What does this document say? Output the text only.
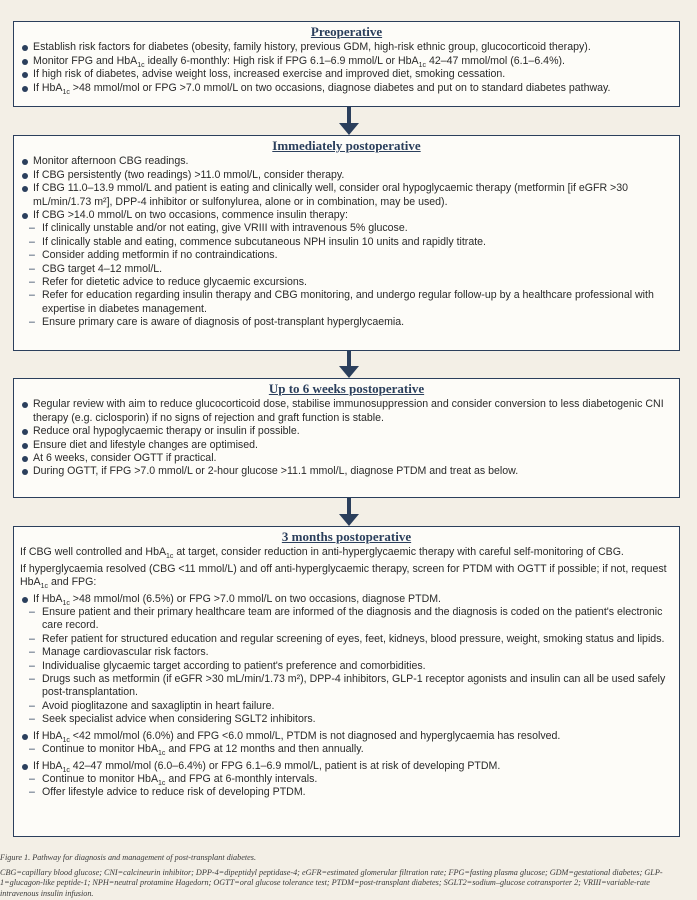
Preoperative
Establish risk factors for diabetes (obesity, family history, previous GDM, high-risk ethnic group, glucocorticoid therapy).
Monitor FPG and HbA$_{1c}$ ideally 6-monthly: High risk if FPG 6.1–6.9 mmol/L or HbA$_{1c}$ 42–47 mmol/mol (6.1–6.4%).
If high risk of diabetes, advise weight loss, increased exercise and improved diet, smoking cessation.
If HbA$_{1c}$ >48 mmol/mol or FPG >7.0 mmol/L on two occasions, diagnose diabetes and put on to standard diabetes pathway.
Immediately postoperative
Monitor afternoon CBG readings.
If CBG persistently (two readings) >11.0 mmol/L, consider therapy.
If CBG 11.0–13.9 mmol/L and patient is eating and clinically well, consider oral hypoglycaemic therapy (metformin [if eGFR >30 mL/min/1.73 m²], DPP-4 inhibitor or sulfonylurea, alone or in combination, may be used).
If CBG >14.0 mmol/L on two occasions, commence insulin therapy:
– If clinically unstable and/or not eating, give VRIII with intravenous 5% glucose.
– If clinically stable and eating, commence subcutaneous NPH insulin 10 units and rapidly titrate.
– Consider adding metformin if no contraindications.
– CBG target 4–12 mmol/L.
– Refer for dietetic advice to reduce glycaemic excursions.
– Refer for education regarding insulin therapy and CBG monitoring, and undergo regular follow-up by a healthcare professional with expertise in diabetes management.
– Ensure primary care is aware of diagnosis of post-transplant hyperglycaemia.
Up to 6 weeks postoperative
Regular review with aim to reduce glucocorticoid dose, stabilise immunosuppression and consider conversion to less diabetogenic CNI therapy (e.g. ciclosporin) if no signs of rejection and graft function is stable.
Reduce oral hypoglycaemic therapy or insulin if possible.
Ensure diet and lifestyle changes are optimised.
At 6 weeks, consider OGTT if practical.
During OGTT, if FPG >7.0 mmol/L or 2-hour glucose >11.1 mmol/L, diagnose PTDM and treat as below.
3 months postoperative

If CBG well controlled and HbA$_{1c}$ at target, consider reduction in anti-hyperglycaemic therapy with careful self-monitoring of CBG.

If hyperglycaemia resolved (CBG <11 mmol/L) and off anti-hyperglycaemic therapy, screen for PTDM with OGTT if possible; if not, request HbA$_{1c}$ and FPG:

If HbA$_{1c}$ >48 mmol/mol (6.5%) or FPG >7.0 mmol/L on two occasions, diagnose PTDM.
– Ensure patient and their primary healthcare team are informed of the diagnosis and the diagnosis is coded on the patient's electronic care record.
– Refer patient for structured education and regular screening of eyes, feet, kidneys, blood pressure, weight, smoking status and lipids.
– Manage cardiovascular risk factors.
– Individualise glycaemic target according to patient's preference and comorbidities.
– Drugs such as metformin (if eGFR >30 mL/min/1.73 m²), DPP-4 inhibitors, GLP-1 receptor agonists and insulin can all be used safely post-transplantation.
– Avoid pioglitazone and saxagliptin in heart failure.
– Seek specialist advice when considering SGLT2 inhibitors.
If HbA$_{1c}$ <42 mmol/mol (6.0%) and FPG <6.0 mmol/L, PTDM is not diagnosed and hyperglycaemia has resolved.
– Continue to monitor HbA$_{1c}$ and FPG at 12 months and then annually.
If HbA$_{1c}$ 42–47 mmol/mol (6.0–6.4%) or FPG 6.1–6.9 mmol/L, patient is at risk of developing PTDM.
– Continue to monitor HbA$_{1c}$ and FPG at 6-monthly intervals.
– Offer lifestyle advice to reduce risk of developing PTDM.
Figure 1. Pathway for diagnosis and management of post-transplant diabetes.
CBG=capillary blood glucose; CNI=calcineurin inhibitor; DPP-4=dipeptidyl peptidase-4; eGFR=estimated glomerular filtration rate; FPG=fasting plasma glucose; GDM=gestational diabetes; GLP-1=glucagon-like peptide-1; NPH=neutral protamine Hagedorn; OGTT=oral glucose tolerance test; PTDM=post-transplant diabetes; SGLT2=sodium–glucose cotransporter 2; VRIII=variable-rate intravenous insulin infusion.
